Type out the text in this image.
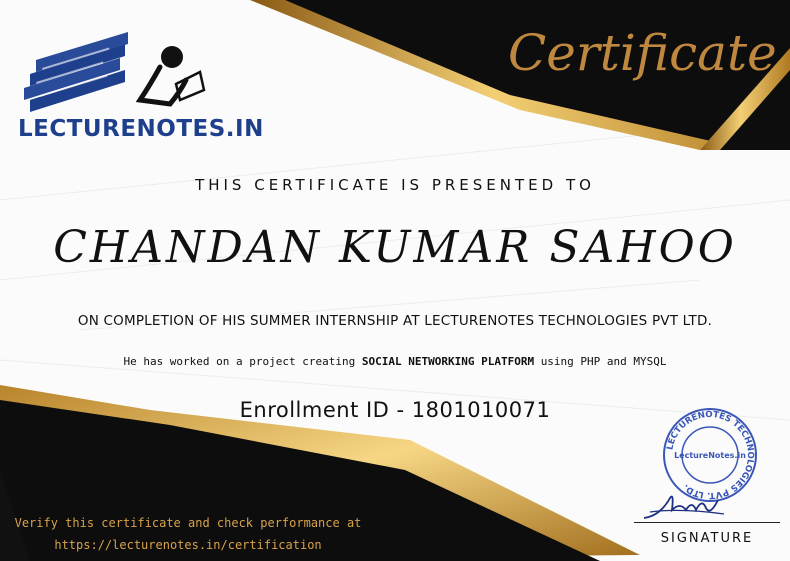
LECTURENOTES.IN
Certificate
THIS CERTIFICATE IS PRESENTED TO
CHANDAN KUMAR SAHOO
ON COMPLETION OF HIS SUMMER INTERNSHIP AT LECTURENOTES TECHNOLOGIES PVT LTD.
He has worked on a project creating SOCIAL NETWORKING PLATFORM using PHP and MYSQL
Enrollment ID - 1801010071
Verify this certificate and check performance at
https://lecturenotes.in/certification
LECTURENOTES TECHNOLOGIES PVT. LTD.
LectureNotes.in
SIGNATURE
